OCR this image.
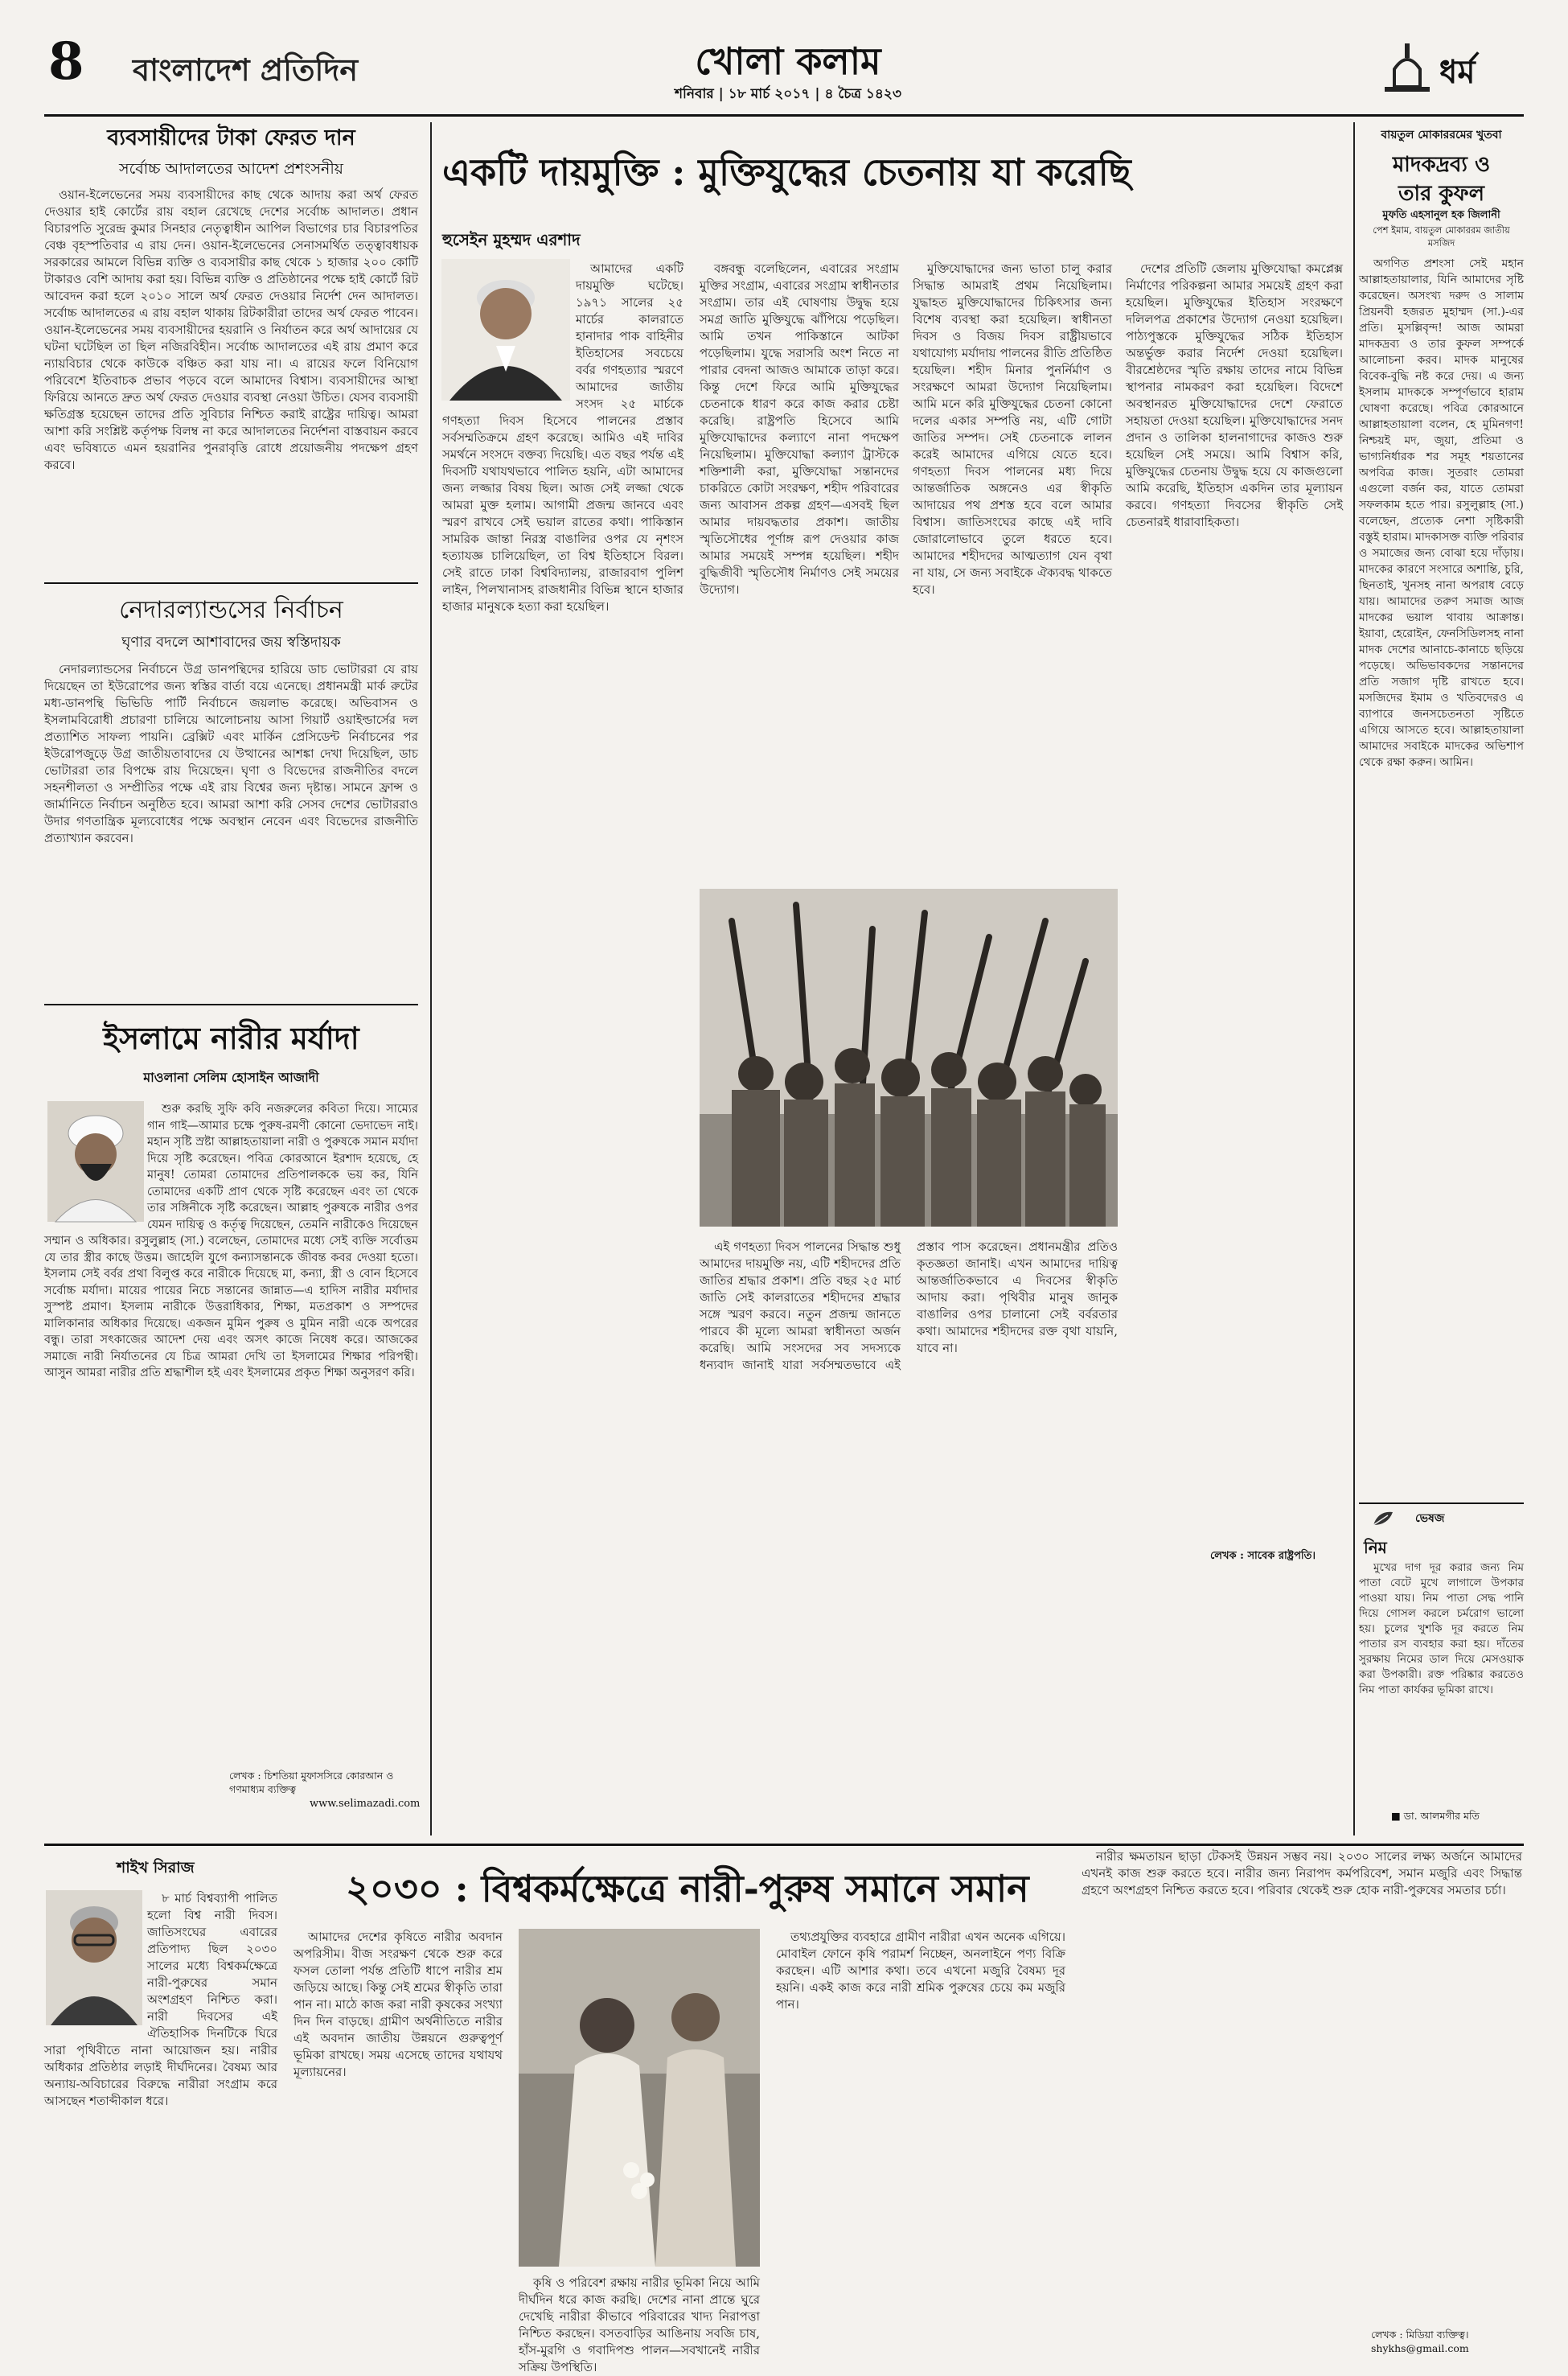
8 বাংলাদেশ প্রতিদিন	খোলা কলাম
শনিবার | ১৮ মার্চ ২০১৭ | ৪ চৈত্র ১৪২৩
ধর্ম
ব্যবসায়ীদের টাকা ফেরত দান
সর্বোচ্চ আদালতের আদেশ প্রশংসনীয়

ওয়ান-ইলেভেনের সময় ব্যবসায়ীদের কাছ থেকে আদায় করা অর্থ ফেরত দেওয়ার হাই কোর্টের রায় বহাল রেখেছে দেশের সর্বোচ্চ আদালত। প্রধান বিচারপতি সুরেন্দ্র কুমার সিনহার নেতৃত্বাধীন আপিল বিভাগের চার বিচারপতির বেঞ্চ বৃহস্পতিবার এ রায় দেন। ওয়ান-ইলেভেনের সেনাসমর্থিত তত্ত্বাবধায়ক সরকারের আমলে বিভিন্ন ব্যক্তি ও ব্যবসায়ীর কাছ থেকে ১ হাজার ২০০ কোটি টাকারও বেশি আদায় করা হয়। বিভিন্ন ব্যক্তি ও প্রতিষ্ঠানের পক্ষে হাই কোর্টে রিট আবেদন করা হলে ২০১০ সালে অর্থ ফেরত দেওয়ার নির্দেশ দেন আদালত। সর্বোচ্চ আদালতের এ রায় বহাল থাকায় রিটকারীরা তাদের অর্থ ফেরত পাবেন। ওয়ান-ইলেভেনের সময় ব্যবসায়ীদের হয়রানি ও নির্যাতন করে অর্থ আদায়ের যে ঘটনা ঘটেছিল তা ছিল নজিরবিহীন। সর্বোচ্চ আদালতের এই রায় প্রমাণ করে ন্যায়বিচার থেকে কাউকে বঞ্চিত করা যায় না। এ রায়ের ফলে বিনিয়োগ পরিবেশে ইতিবাচক প্রভাব পড়বে বলে আমাদের বিশ্বাস। ব্যবসায়ীদের আস্থা ফিরিয়ে আনতে দ্রুত অর্থ ফেরত দেওয়ার ব্যবস্থা নেওয়া উচিত। যেসব ব্যবসায়ী ক্ষতিগ্রস্ত হয়েছেন তাদের প্রতি সুবিচার নিশ্চিত করাই রাষ্ট্রের দায়িত্ব। আমরা আশা করি সংশ্লিষ্ট কর্তৃপক্ষ বিলম্ব না করে আদালতের নির্দেশনা বাস্তবায়ন করবে এবং ভবিষ্যতে এমন হয়রানির পুনরাবৃত্তি রোধে প্রয়োজনীয় পদক্ষেপ গ্রহণ করবে।

নেদারল্যান্ডসের নির্বাচন
ঘৃণার বদলে আশাবাদের জয় স্বস্তিদায়ক

নেদারল্যান্ডসের নির্বাচনে উগ্র ডানপন্থিদের হারিয়ে ডাচ ভোটাররা যে রায় দিয়েছেন তা ইউরোপের জন্য স্বস্তির বার্তা বয়ে এনেছে। প্রধানমন্ত্রী মার্ক রুটের মধ্য-ডানপন্থি ভিভিডি পার্টি নির্বাচনে জয়লাভ করেছে। অভিবাসন ও ইসলামবিরোধী প্রচারণা চালিয়ে আলোচনায় আসা গিয়ার্ট ওয়াইল্ডার্সের দল প্রত্যাশিত সাফল্য পায়নি। ব্রেক্সিট এবং মার্কিন প্রেসিডেন্ট নির্বাচনের পর ইউরোপজুড়ে উগ্র জাতীয়তাবাদের যে উত্থানের আশঙ্কা দেখা দিয়েছিল, ডাচ ভোটাররা তার বিপক্ষে রায় দিয়েছেন। ঘৃণা ও বিভেদের রাজনীতির বদলে সহনশীলতা ও সম্প্রীতির পক্ষে এই রায় বিশ্বের জন্য দৃষ্টান্ত। সামনে ফ্রান্স ও জার্মানিতে নির্বাচন অনুষ্ঠিত হবে। আমরা আশা করি সেসব দেশের ভোটাররাও উদার গণতান্ত্রিক মূল্যবোধের পক্ষে অবস্থান নেবেন এবং বিভেদের রাজনীতি প্রত্যাখ্যান করবেন।

ইসলামে নারীর মর্যাদা
মাওলানা সেলিম হোসাইন আজাদী

শুরু করছি সুফি কবি নজরুলের কবিতা দিয়ে। সাম্যের গান গাই—আমার চক্ষে পুরুষ-রমণী কোনো ভেদাভেদ নাই। মহান সৃষ্টি স্রষ্টা আল্লাহতায়ালা নারী ও পুরুষকে সমান মর্যাদা দিয়ে সৃষ্টি করেছেন। পবিত্র কোরআনে ইরশাদ হয়েছে, হে মানুষ! তোমরা তোমাদের প্রতিপালককে ভয় কর, যিনি তোমাদের একটি প্রাণ থেকে সৃষ্টি করেছেন এবং তা থেকে তার সঙ্গিনীকে সৃষ্টি করেছেন। আল্লাহ পুরুষকে নারীর ওপর যেমন দায়িত্ব ও কর্তৃত্ব দিয়েছেন, তেমনি নারীকেও দিয়েছেন সম্মান ও অধিকার। রসুলুল্লাহ (সা.) বলেছেন, তোমাদের মধ্যে সেই ব্যক্তি সর্বোত্তম যে তার স্ত্রীর কাছে উত্তম। জাহেলি যুগে কন্যাসন্তানকে জীবন্ত কবর দেওয়া হতো। ইসলাম সেই বর্বর প্রথা বিলুপ্ত করে নারীকে দিয়েছে মা, কন্যা, স্ত্রী ও বোন হিসেবে সর্বোচ্চ মর্যাদা। মায়ের পায়ের নিচে সন্তানের জান্নাত—এ হাদিস নারীর মর্যাদার সুস্পষ্ট প্রমাণ। ইসলাম নারীকে উত্তরাধিকার, শিক্ষা, মতপ্রকাশ ও সম্পদের মালিকানার অধিকার দিয়েছে। একজন মুমিন পুরুষ ও মুমিন নারী একে অপরের বন্ধু। তারা সৎকাজের আদেশ দেয় এবং অসৎ কাজে নিষেধ করে। আজকের সমাজে নারী নির্যাতনের যে চিত্র আমরা দেখি তা ইসলামের শিক্ষার পরিপন্থী। আসুন আমরা নারীর প্রতি শ্রদ্ধাশীল হই এবং ইসলামের প্রকৃত শিক্ষা অনুসরণ করি।

লেখক : চিশতিয়া মুফাসসিরে কোরআন ও গণমাধ্যম ব্যক্তিত্ব
www.selimazadi.com
একটি দায়মুক্তি : মুক্তিযুদ্ধের চেতনায় যা করেছি
হুসেইন মুহম্মদ এরশাদ

আমাদের একটি দায়মুক্তি ঘটেছে। ১৯৭১ সালের ২৫ মার্চের কালরাতে হানাদার পাক বাহিনীর ইতিহাসের সবচেয়ে বর্বর গণহত্যার স্মরণে আমাদের জাতীয় সংসদ ২৫ মার্চকে গণহত্যা দিবস হিসেবে পালনের প্রস্তাব সর্বসম্মতিক্রমে গ্রহণ করেছে। আমিও এই দাবির সমর্থনে সংসদে বক্তব্য দিয়েছি। এত বছর পর্যন্ত এই দিবসটি যথাযথভাবে পালিত হয়নি, এটা আমাদের জন্য লজ্জার বিষয় ছিল। আজ সেই লজ্জা থেকে আমরা মুক্ত হলাম। আগামী প্রজন্ম জানবে এবং স্মরণ রাখবে সেই ভয়াল রাতের কথা। পাকিস্তান সামরিক জান্তা নিরস্ত্র বাঙালির ওপর যে নৃশংস হত্যাযজ্ঞ চালিয়েছিল, তা বিশ্ব ইতিহাসে বিরল। সেই রাতে ঢাকা বিশ্ববিদ্যালয়, রাজারবাগ পুলিশ লাইন, পিলখানাসহ রাজধানীর বিভিন্ন স্থানে হাজার হাজার মানুষকে হত্যা করা হয়েছিল।

বঙ্গবন্ধু বলেছিলেন, এবারের সংগ্রাম মুক্তির সংগ্রাম, এবারের সংগ্রাম স্বাধীনতার সংগ্রাম। তার এই ঘোষণায় উদ্বুদ্ধ হয়ে সমগ্র জাতি মুক্তিযুদ্ধে ঝাঁপিয়ে পড়েছিল। আমি তখন পাকিস্তানে আটকা পড়েছিলাম। যুদ্ধে সরাসরি অংশ নিতে না পারার বেদনা আজও আমাকে তাড়া করে। কিন্তু দেশে ফিরে আমি মুক্তিযুদ্ধের চেতনাকে ধারণ করে কাজ করার চেষ্টা করেছি। রাষ্ট্রপতি হিসেবে আমি মুক্তিযোদ্ধাদের কল্যাণে নানা পদক্ষেপ নিয়েছিলাম। মুক্তিযোদ্ধা কল্যাণ ট্রাস্টকে শক্তিশালী করা, মুক্তিযোদ্ধা সন্তানদের চাকরিতে কোটা সংরক্ষণ, শহীদ পরিবারের জন্য আবাসন প্রকল্প গ্রহণ—এসবই ছিল আমার দায়বদ্ধতার প্রকাশ। জাতীয় স্মৃতিসৌধের পূর্ণাঙ্গ রূপ দেওয়ার কাজ আমার সময়েই সম্পন্ন হয়েছিল। শহীদ বুদ্ধিজীবী স্মৃতিসৌধ নির্মাণও সেই সময়ের উদ্যোগ।

মুক্তিযোদ্ধাদের জন্য ভাতা চালু করার সিদ্ধান্ত আমরাই প্রথম নিয়েছিলাম। যুদ্ধাহত মুক্তিযোদ্ধাদের চিকিৎসার জন্য বিশেষ ব্যবস্থা করা হয়েছিল। স্বাধীনতা দিবস ও বিজয় দিবস রাষ্ট্রীয়ভাবে যথাযোগ্য মর্যাদায় পালনের রীতি প্রতিষ্ঠিত হয়েছিল। শহীদ মিনার পুনর্নির্মাণ ও সংরক্ষণে আমরা উদ্যোগ নিয়েছিলাম। আমি মনে করি মুক্তিযুদ্ধের চেতনা কোনো দলের একার সম্পত্তি নয়, এটি গোটা জাতির সম্পদ। সেই চেতনাকে লালন করেই আমাদের এগিয়ে যেতে হবে। গণহত্যা দিবস পালনের মধ্য দিয়ে আন্তর্জাতিক অঙ্গনেও এর স্বীকৃতি আদায়ের পথ প্রশস্ত হবে বলে আমার বিশ্বাস। জাতিসংঘের কাছে এই দাবি জোরালোভাবে তুলে ধরতে হবে। আমাদের শহীদদের আত্মত্যাগ যেন বৃথা না যায়, সে জন্য সবাইকে ঐক্যবদ্ধ থাকতে হবে।

দেশের প্রতিটি জেলায় মুক্তিযোদ্ধা কমপ্লেক্স নির্মাণের পরিকল্পনা আমার সময়েই গ্রহণ করা হয়েছিল। মুক্তিযুদ্ধের ইতিহাস সংরক্ষণে দলিলপত্র প্রকাশের উদ্যোগ নেওয়া হয়েছিল। পাঠ্যপুস্তকে মুক্তিযুদ্ধের সঠিক ইতিহাস অন্তর্ভুক্ত করার নির্দেশ দেওয়া হয়েছিল। বীরশ্রেষ্ঠদের স্মৃতি রক্ষায় তাদের নামে বিভিন্ন স্থাপনার নামকরণ করা হয়েছিল। বিদেশে অবস্থানরত মুক্তিযোদ্ধাদের দেশে ফেরাতে সহায়তা দেওয়া হয়েছিল। মুক্তিযোদ্ধাদের সনদ প্রদান ও তালিকা হালনাগাদের কাজও শুরু হয়েছিল সেই সময়ে। আমি বিশ্বাস করি, মুক্তিযুদ্ধের চেতনায় উদ্বুদ্ধ হয়ে যে কাজগুলো আমি করেছি, ইতিহাস একদিন তার মূল্যায়ন করবে। গণহত্যা দিবসের স্বীকৃতি সেই চেতনারই ধারাবাহিকতা।

এই গণহত্যা দিবস পালনের সিদ্ধান্ত শুধু আমাদের দায়মুক্তি নয়, এটি শহীদদের প্রতি জাতির শ্রদ্ধার প্রকাশ। প্রতি বছর ২৫ মার্চ জাতি সেই কালরাতের শহীদদের শ্রদ্ধার সঙ্গে স্মরণ করবে। নতুন প্রজন্ম জানতে পারবে কী মূল্যে আমরা স্বাধীনতা অর্জন করেছি। আমি সংসদের সব সদস্যকে ধন্যবাদ জানাই যারা সর্বসম্মতভাবে এই প্রস্তাব পাস করেছেন। প্রধানমন্ত্রীর প্রতিও কৃতজ্ঞতা জানাই। এখন আমাদের দায়িত্ব আন্তর্জাতিকভাবে এ দিবসের স্বীকৃতি আদায় করা। পৃথিবীর মানুষ জানুক বাঙালির ওপর চালানো সেই বর্বরতার কথা। আমাদের শহীদদের রক্ত বৃথা যায়নি, যাবে না।

লেখক : সাবেক রাষ্ট্রপতি।
বায়তুল মোকাররমের খুতবা
মাদকদ্রব্য ও
তার কুফল
মুফতি এহসানুল হক জিলানী
পেশ ইমাম, বায়তুল মোকাররম জাতীয় মসজিদ

অগণিত প্রশংসা সেই মহান আল্লাহতায়ালার, যিনি আমাদের সৃষ্টি করেছেন। অসংখ্য দরুদ ও সালাম প্রিয়নবী হজরত মুহাম্মদ (সা.)-এর প্রতি। মুসল্লিবৃন্দ! আজ আমরা মাদকদ্রব্য ও তার কুফল সম্পর্কে আলোচনা করব। মাদক মানুষের বিবেক-বুদ্ধি নষ্ট করে দেয়। এ জন্য ইসলাম মাদককে সম্পূর্ণভাবে হারাম ঘোষণা করেছে। পবিত্র কোরআনে আল্লাহতায়ালা বলেন, হে মুমিনগণ! নিশ্চয়ই মদ, জুয়া, প্রতিমা ও ভাগ্যনির্ধারক শর সমূহ শয়তানের অপবিত্র কাজ। সুতরাং তোমরা এগুলো বর্জন কর, যাতে তোমরা সফলকাম হতে পার। রসুলুল্লাহ (সা.) বলেছেন, প্রত্যেক নেশা সৃষ্টিকারী বস্তুই হারাম। মাদকাসক্ত ব্যক্তি পরিবার ও সমাজের জন্য বোঝা হয়ে দাঁড়ায়। মাদকের কারণে সংসারে অশান্তি, চুরি, ছিনতাই, খুনসহ নানা অপরাধ বেড়ে যায়। আমাদের তরুণ সমাজ আজ মাদকের ভয়াল থাবায় আক্রান্ত। ইয়াবা, হেরোইন, ফেনসিডিলসহ নানা মাদক দেশের আনাচে-কানাচে ছড়িয়ে পড়েছে। অভিভাবকদের সন্তানদের প্রতি সজাগ দৃষ্টি রাখতে হবে। মসজিদের ইমাম ও খতিবদেরও এ ব্যাপারে জনসচেতনতা সৃষ্টিতে এগিয়ে আসতে হবে। আল্লাহতায়ালা আমাদের সবাইকে মাদকের অভিশাপ থেকে রক্ষা করুন। আমিন।

ভেষজ
নিম

মুখের দাগ দূর করার জন্য নিম পাতা বেটে মুখে লাগালে উপকার পাওয়া যায়। নিম পাতা সেদ্ধ পানি দিয়ে গোসল করলে চর্মরোগ ভালো হয়। চুলের খুশকি দূর করতে নিম পাতার রস ব্যবহার করা হয়। দাঁতের সুরক্ষায় নিমের ডাল দিয়ে মেসওয়াক করা উপকারী। রক্ত পরিষ্কার করতেও নিম পাতা কার্যকর ভূমিকা রাখে।

■ ডা. আলমগীর মতি
শাইখ সিরাজ	২০৩০ : বিশ্বকর্মক্ষেত্রে নারী-পুরুষ সমানে সমান

৮ মার্চ বিশ্বব্যাপী পালিত হলো বিশ্ব নারী দিবস। জাতিসংঘের এবারের প্রতিপাদ্য ছিল ২০৩০ সালের মধ্যে বিশ্বকর্মক্ষেত্রে নারী-পুরুষের সমান অংশগ্রহণ নিশ্চিত করা। নারী দিবসের এই ঐতিহাসিক দিনটিকে ঘিরে সারা পৃথিবীতে নানা আয়োজন হয়। নারীর অধিকার প্রতিষ্ঠার লড়াই দীর্ঘদিনের। বৈষম্য আর অন্যায়-অবিচারের বিরুদ্ধে নারীরা সংগ্রাম করে আসছেন শতাব্দীকাল ধরে।

আমাদের দেশের কৃষিতে নারীর অবদান অপরিসীম। বীজ সংরক্ষণ থেকে শুরু করে ফসল তোলা পর্যন্ত প্রতিটি ধাপে নারীর শ্রম জড়িয়ে আছে। কিন্তু সেই শ্রমের স্বীকৃতি তারা পান না। মাঠে কাজ করা নারী কৃষকের সংখ্যা দিন দিন বাড়ছে। গ্রামীণ অর্থনীতিতে নারীর এই অবদান জাতীয় উন্নয়নে গুরুত্বপূর্ণ ভূমিকা রাখছে। সময় এসেছে তাদের যথাযথ মূল্যায়নের।

কৃষি ও পরিবেশ রক্ষায় নারীর ভূমিকা নিয়ে আমি দীর্ঘদিন ধরে কাজ করছি। দেশের নানা প্রান্তে ঘুরে দেখেছি নারীরা কীভাবে পরিবারের খাদ্য নিরাপত্তা নিশ্চিত করছেন। বসতবাড়ির আঙিনায় সবজি চাষ, হাঁস-মুরগি ও গবাদিপশু পালন—সবখানেই নারীর সক্রিয় উপস্থিতি।

তথ্যপ্রযুক্তির ব্যবহারে গ্রামীণ নারীরা এখন অনেক এগিয়ে। মোবাইল ফোনে কৃষি পরামর্শ নিচ্ছেন, অনলাইনে পণ্য বিক্রি করছেন। এটি আশার কথা। তবে এখনো মজুরি বৈষম্য দূর হয়নি। একই কাজ করে নারী শ্রমিক পুরুষের চেয়ে কম মজুরি পান।

নারীর ক্ষমতায়ন ছাড়া টেকসই উন্নয়ন সম্ভব নয়। ২০৩০ সালের লক্ষ্য অর্জনে আমাদের এখনই কাজ শুরু করতে হবে। নারীর জন্য নিরাপদ কর্মপরিবেশ, সমান মজুরি এবং সিদ্ধান্ত গ্রহণে অংশগ্রহণ নিশ্চিত করতে হবে। পরিবার থেকেই শুরু হোক নারী-পুরুষের সমতার চর্চা।

লেখক : মিডিয়া ব্যক্তিত্ব।
shykhs@gmail.com
